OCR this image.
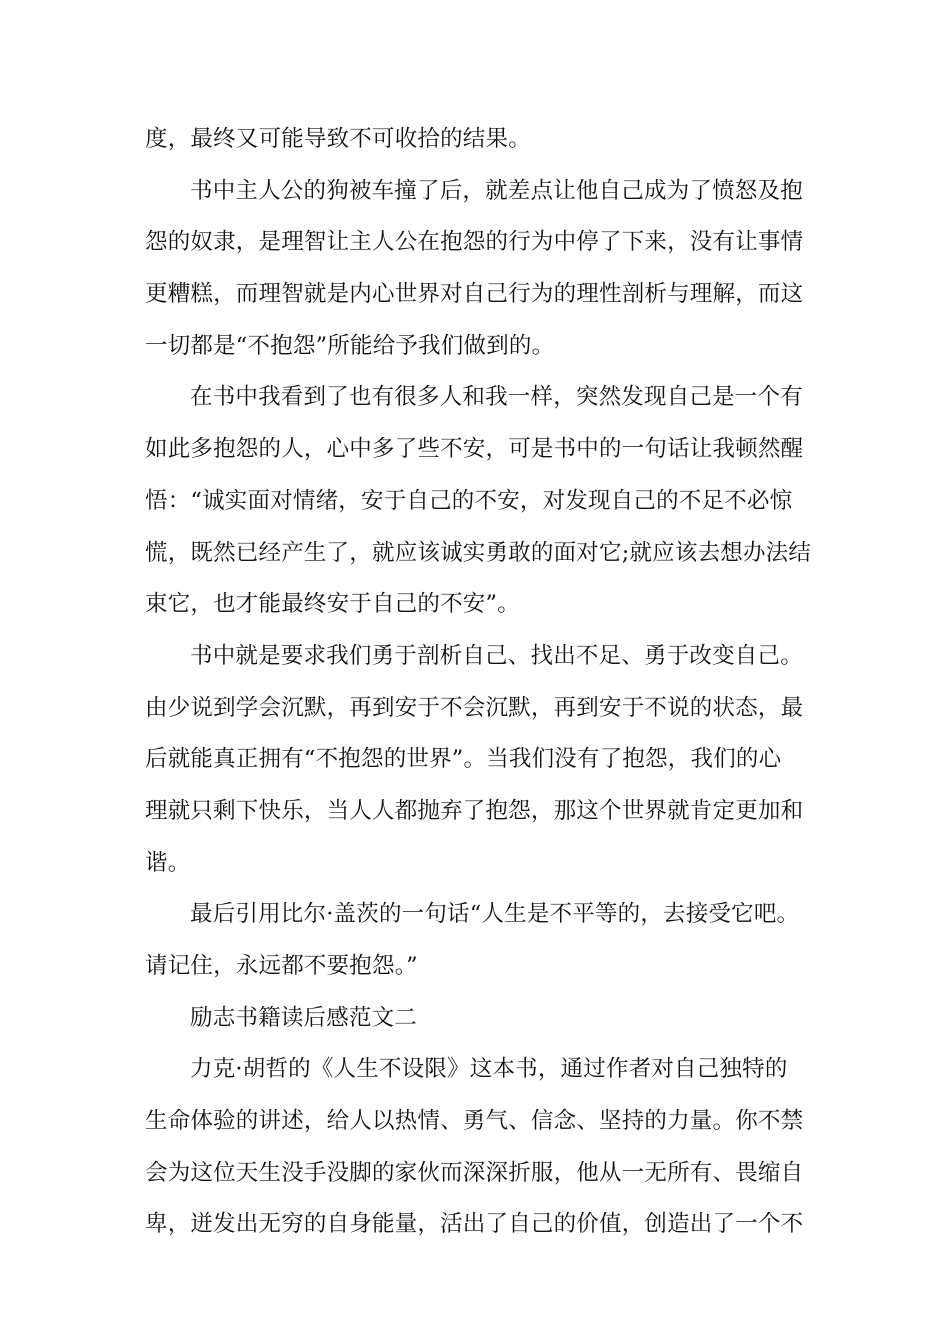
度，最终又可能导致不可收拾的结果。
书中主人公的狗被车撞了后，就差点让他自己成为了愤怒及抱
怨的奴隶，是理智让主人公在抱怨的行为中停了下来，没有让事情
更糟糕，而理智就是内心世界对自己行为的理性剖析与理解，而这
一切都是“不抱怨”所能给予我们做到的。
在书中我看到了也有很多人和我一样，突然发现自己是一个有
如此多抱怨的人，心中多了些不安，可是书中的一句话让我顿然醒
悟：“诚实面对情绪，安于自己的不安，对发现自己的不足不必惊
慌，既然已经产生了，就应该诚实勇敢的面对它;就应该去想办法结
束它，也才能最终安于自己的不安”。
书中就是要求我们勇于剖析自己、找出不足、勇于改变自己。
由少说到学会沉默，再到安于不会沉默，再到安于不说的状态，最
后就能真正拥有“不抱怨的世界”。当我们没有了抱怨，我们的心
理就只剩下快乐，当人人都抛弃了抱怨，那这个世界就肯定更加和
谐。
最后引用比尔·盖茨的一句话“人生是不平等的，去接受它吧。
请记住，永远都不要抱怨。”
励志书籍读后感范文二
力克·胡哲的《人生不设限》这本书，通过作者对自己独特的
生命体验的讲述，给人以热情、勇气、信念、坚持的力量。你不禁
会为这位天生没手没脚的家伙而深深折服，他从一无所有、畏缩自
卑，迸发出无穷的自身能量，活出了自己的价值，创造出了一个不
